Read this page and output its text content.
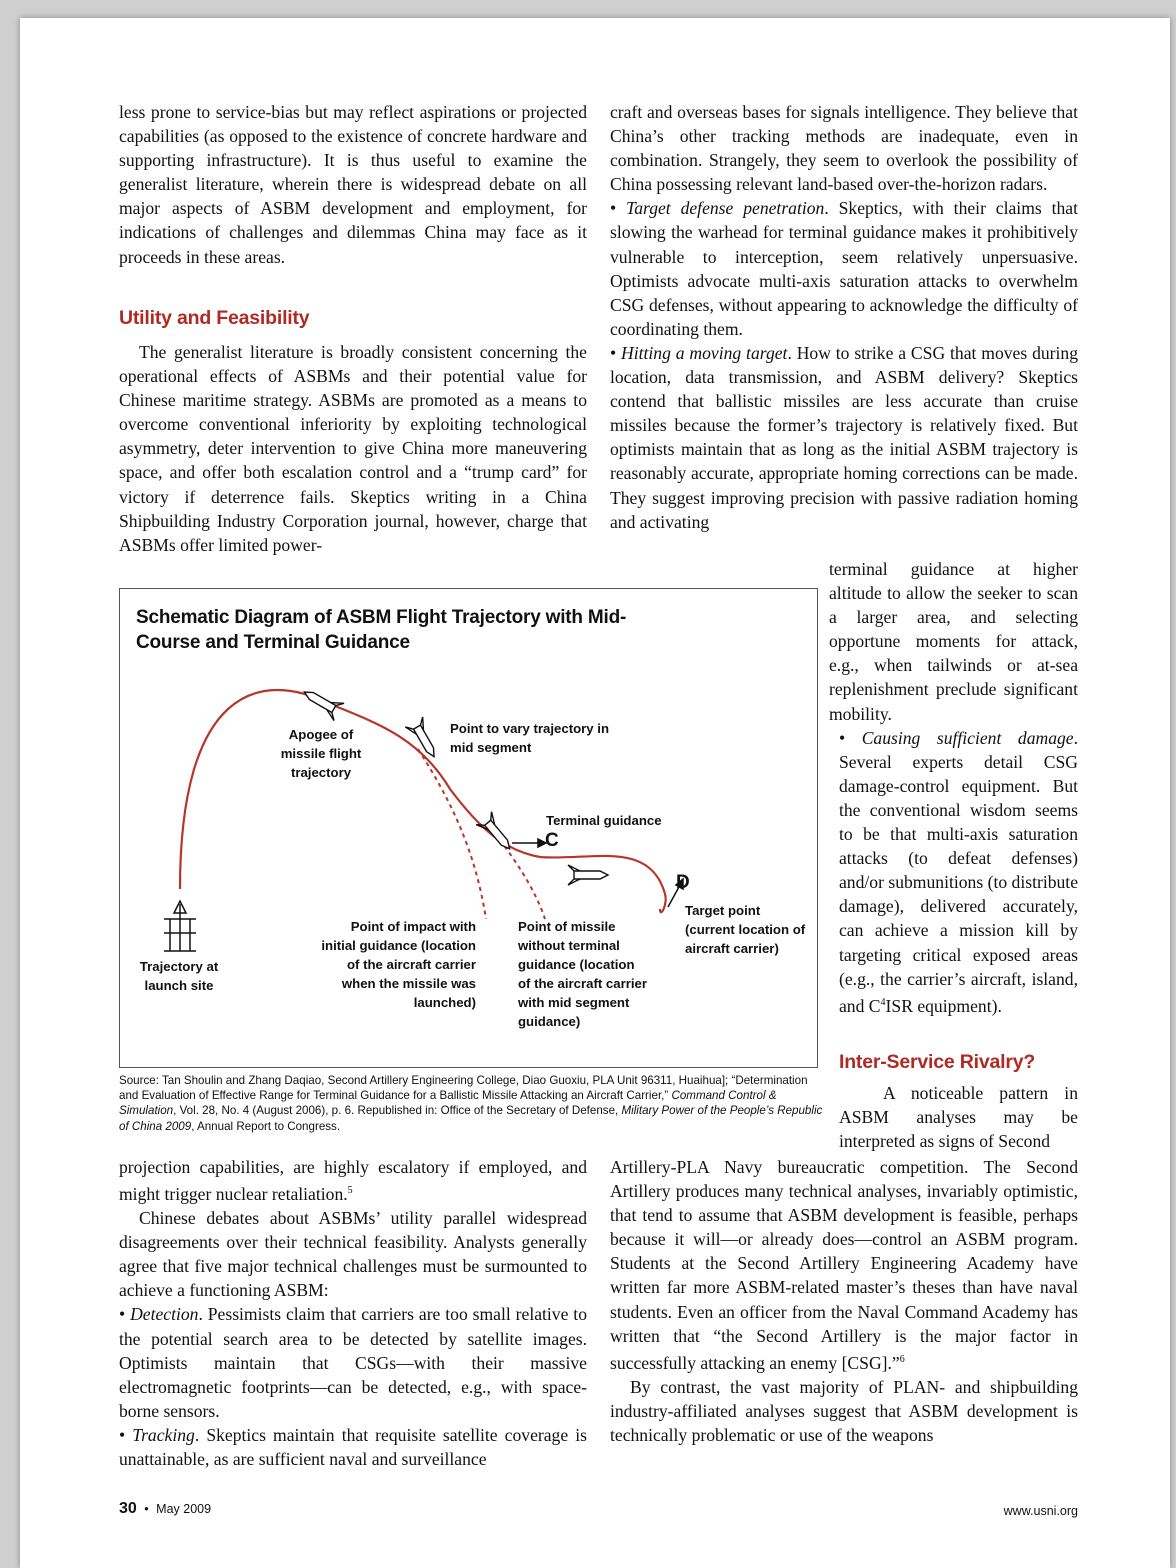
less prone to service-bias but may reflect aspirations or projected capabilities (as opposed to the existence of concrete hardware and supporting infrastructure). It is thus useful to examine the generalist literature, wherein there is widespread debate on all major aspects of ASBM development and employment, for indications of challenges and dilemmas China may face as it proceeds in these areas.

Utility and Feasibility

The generalist literature is broadly consistent concerning the operational effects of ASBMs and their potential value for Chinese maritime strategy. ASBMs are promoted as a means to overcome conventional inferiority by exploiting technological asymmetry, deter intervention to give China more maneuvering space, and offer both escalation control and a “trump card” for victory if deterrence fails. Skeptics writing in a China Shipbuilding Industry Corporation journal, however, charge that ASBMs offer limited power-

craft and overseas bases for signals intelligence. They believe that China’s other tracking methods are inadequate, even in combination. Strangely, they seem to overlook the possibility of China possessing relevant land-based over-the-horizon radars.

• Target defense penetration. Skeptics, with their claims that slowing the warhead for terminal guidance makes it prohibitively vulnerable to interception, seem relatively unpersuasive. Optimists advocate multi-axis saturation attacks to overwhelm CSG defenses, without appearing to acknowledge the difficulty of coordinating them.

• Hitting a moving target. How to strike a CSG that moves during location, data transmission, and ASBM delivery? Skeptics contend that ballistic missiles are less accurate than cruise missiles because the former’s trajectory is relatively fixed. But optimists maintain that as long as the initial ASBM trajectory is reasonably accurate, appropriate homing corrections can be made. They suggest improving precision with passive radiation homing and activating

terminal guidance at higher altitude to allow the seeker to scan a larger area, and selecting opportune moments for attack, e.g., when tailwinds or at-sea replenishment preclude significant mobility.

• Causing sufficient damage. Several experts detail CSG damage-control equipment. But the conventional wisdom seems to be that multi-axis saturation attacks (to defeat defenses) and/or submunitions (to distribute damage), delivered accurately, can achieve a mission kill by targeting critical exposed areas (e.g., the carrier’s aircraft, island, and $C^4ISR$ equipment).

Inter-Service Rivalry?

A noticeable pattern in ASBM analyses may be interpreted as signs of Second

Schematic Diagram of ASBM Flight Trajectory with Mid-Course and Terminal Guidance
Apogee of missile flight trajectory
Point to vary trajectory in mid segment
Terminal guidance
C
D
Target point (current location of aircraft carrier)
Trajectory at launch site
Point of impact with initial guidance (location of the aircraft carrier when the missile was launched)
Point of missile without terminal guidance (location of the aircraft carrier with mid segment guidance)
Source: Tan Shoulin and Zhang Daqiao, Second Artillery Engineering College, Diao Guoxiu, PLA Unit 96311, Huaihua]; “Determination and Evaluation of Effective Range for Terminal Guidance for a Ballistic Missile Attacking an Aircraft Carrier,” Command Control & Simulation, Vol. 28, No. 4 (August 2006), p. 6. Republished in: Office of the Secretary of Defense, Military Power of the People’s Republic of China 2009, Annual Report to Congress.

projection capabilities, are highly escalatory if employed, and might trigger nuclear retaliation.$^5$

Chinese debates about ASBMs’ utility parallel widespread disagreements over their technical feasibility. Analysts generally agree that five major technical challenges must be surmounted to achieve a functioning ASBM:

• Detection. Pessimists claim that carriers are too small relative to the potential search area to be detected by satellite images. Optimists maintain that CSGs—with their massive electromagnetic footprints—can be detected, e.g., with space-borne sensors.

• Tracking. Skeptics maintain that requisite satellite coverage is unattainable, as are sufficient naval and surveillance

Artillery-PLA Navy bureaucratic competition. The Second Artillery produces many technical analyses, invariably optimistic, that tend to assume that ASBM development is feasible, perhaps because it will—or already does—control an ASBM program. Students at the Second Artillery Engineering Academy have written far more ASBM-related master’s theses than have naval students. Even an officer from the Naval Command Academy has written that “the Second Artillery is the major factor in successfully attacking an enemy [CSG].”$^6$

By contrast, the vast majority of PLAN- and shipbuilding industry-affiliated analyses suggest that ASBM development is technically problematic or use of the weapons

30 • May 2009	www.usni.org
